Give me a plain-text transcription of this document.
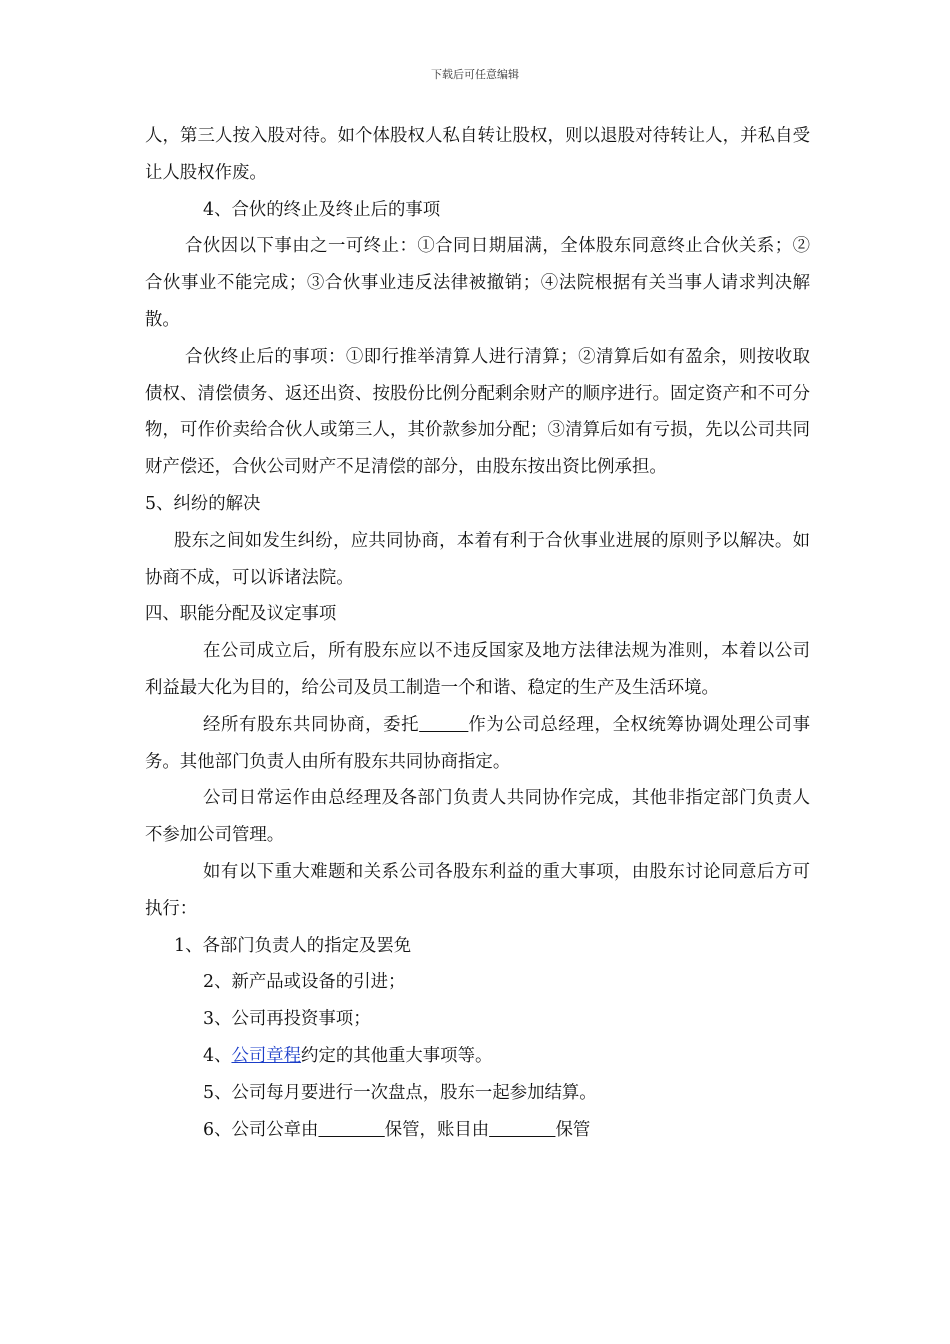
下载后可任意编辑

人，第三人按入股对待。如个体股权人私自转让股权，则以退股对待转让人，并私自受让人股权作废。

4、合伙的终止及终止后的事项

合伙因以下事由之一可终止：①合同日期届满，全体股东同意终止合伙关系；②合伙事业不能完成；③合伙事业违反法律被撤销；④法院根据有关当事人请求判决解散。

合伙终止后的事项：①即行推举清算人进行清算；②清算后如有盈余，则按收取债权、清偿债务、返还出资、按股份比例分配剩余财产的顺序进行。固定资产和不可分物，可作价卖给合伙人或第三人，其价款参加分配；③清算后如有亏损，先以公司共同财产偿还，合伙公司财产不足清偿的部分，由股东按出资比例承担。

5、纠纷的解决

股东之间如发生纠纷，应共同协商，本着有利于合伙事业进展的原则予以解决。如协商不成，可以诉诸法院。

四、职能分配及议定事项

在公司成立后，所有股东应以不违反国家及地方法律法规为准则，本着以公司利益最大化为目的，给公司及员工制造一个和谐、稳定的生产及生活环境。

经所有股东共同协商，委托	作为公司总经理，全权统筹协调处理公司事务。其他部门负责人由所有股东共同协商指定。

公司日常运作由总经理及各部门负责人共同协作完成，其他非指定部门负责人不参加公司管理。

如有以下重大难题和关系公司各股东利益的重大事项，由股东讨论同意后方可执行：

1、各部门负责人的指定及罢免

2、新产品或设备的引进；

3、公司再投资事项；

4、公司章程约定的其他重大事项等。

5、公司每月要进行一次盘点，股东一起参加结算。

6、公司公章由	保管，账目由	保管
